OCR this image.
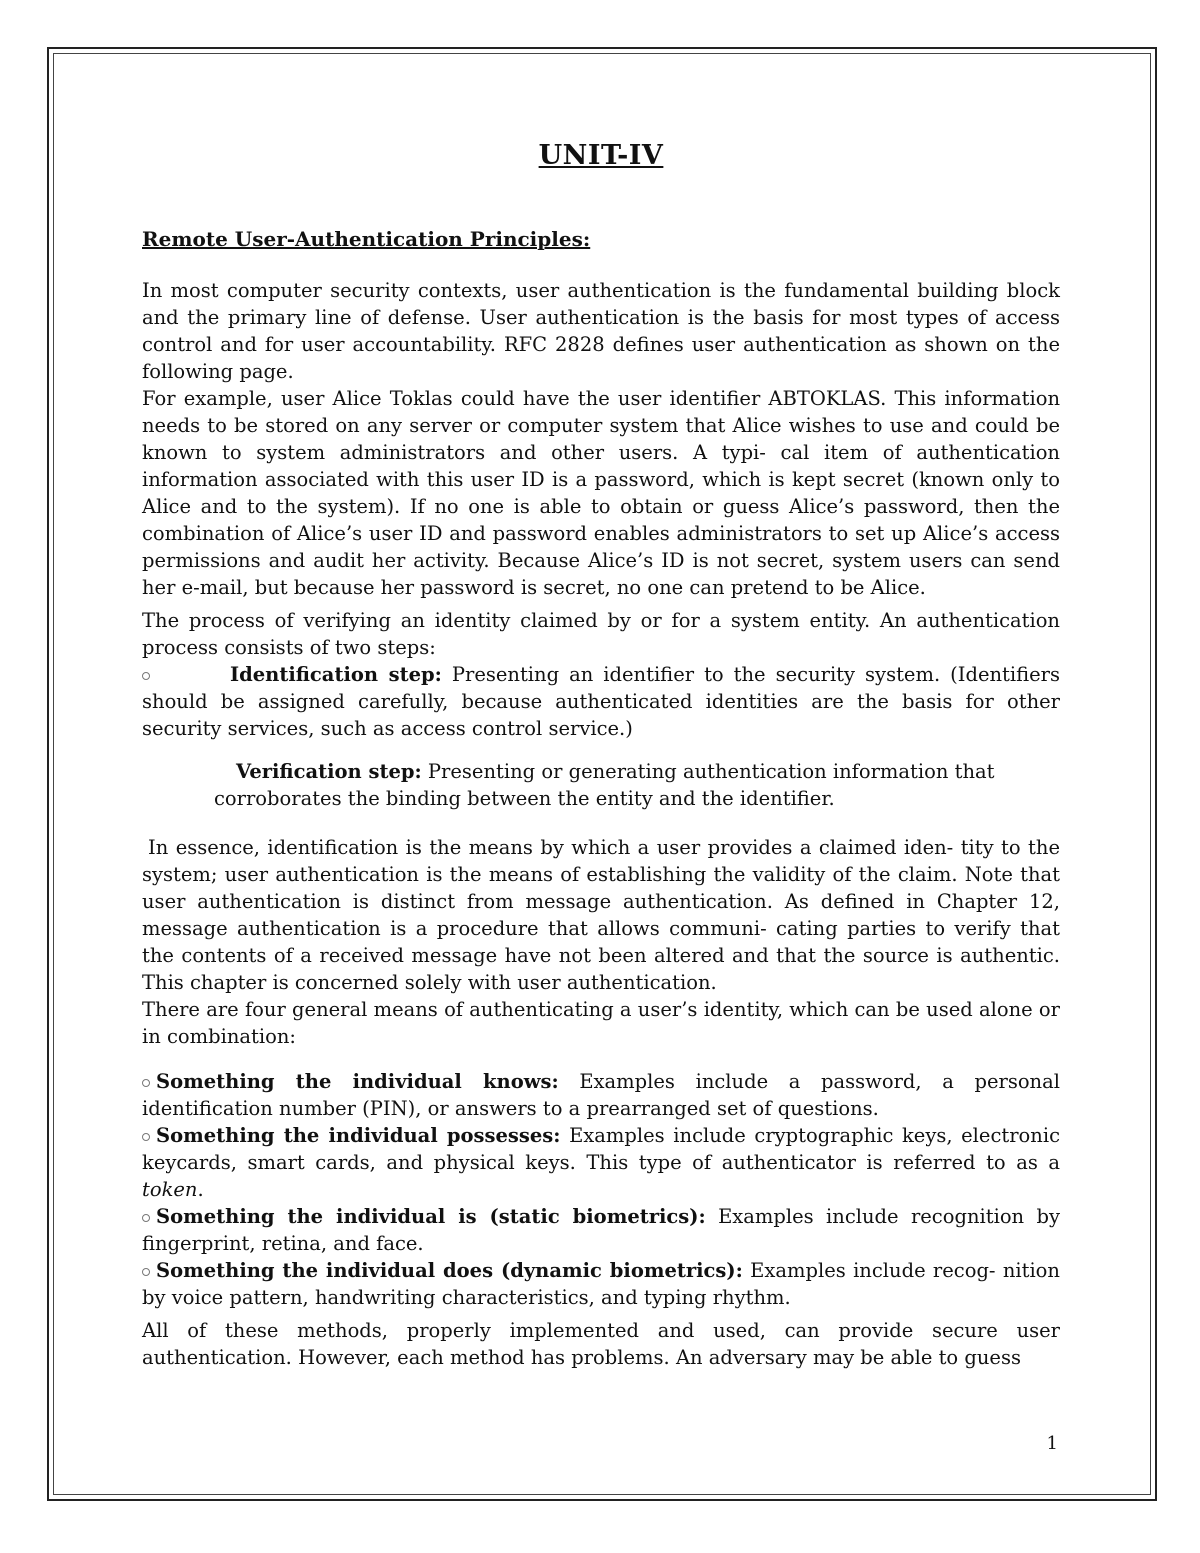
UNIT-IV
Remote User-Authentication Principles:

In most computer security contexts, user authentication is the fundamental building block and the primary line of defense. User authentication is the basis for most types of access control and for user accountability. RFC 2828 defines user authentication as shown on the following page.

For example, user Alice Toklas could have the user identifier ABTOKLAS. This information needs to be stored on any server or computer system that Alice wishes to use and could be known to system administrators and other users. A typi- cal item of authentication information associated with this user ID is a password, which is kept secret (known only to Alice and to the system). If no one is able to obtain or guess Alice’s password, then the combination of Alice’s user ID and password enables administrators to set up Alice’s access permissions and audit her activity. Because Alice’s ID is not secret, system users can send her e-mail, but because her password is secret, no one can pretend to be Alice.

The process of verifying an identity claimed by or for a system entity. An authentication process consists of two steps:

Identification step: Presenting an identifier to the security system. (Identifiers should be assigned carefully, because authenticated identities are the basis for other security services, such as access control service.)

Verification step: Presenting or generating authentication information that

corroborates the binding between the entity and the identifier.

In essence, identification is the means by which a user provides a claimed iden- tity to the system; user authentication is the means of establishing the validity of the claim. Note that user authentication is distinct from message authentication. As defined in Chapter 12, message authentication is a procedure that allows communi- cating parties to verify that the contents of a received message have not been altered and that the source is authentic. This chapter is concerned solely with user authentication.

There are four general means of authenticating a user’s identity, which can be used alone or in combination:

Something the individual knows: Examples include a password, a personal identification number (PIN), or answers to a prearranged set of questions.

Something the individual possesses: Examples include cryptographic keys, electronic keycards, smart cards, and physical keys. This type of authenticator is referred to as a token.

Something the individual is (static biometrics): Examples include recognition by fingerprint, retina, and face.

Something the individual does (dynamic biometrics): Examples include recog- nition by voice pattern, handwriting characteristics, and typing rhythm.

All of these methods, properly implemented and used, can provide secure user authentication. However, each method has problems. An adversary may be able to guess

1
